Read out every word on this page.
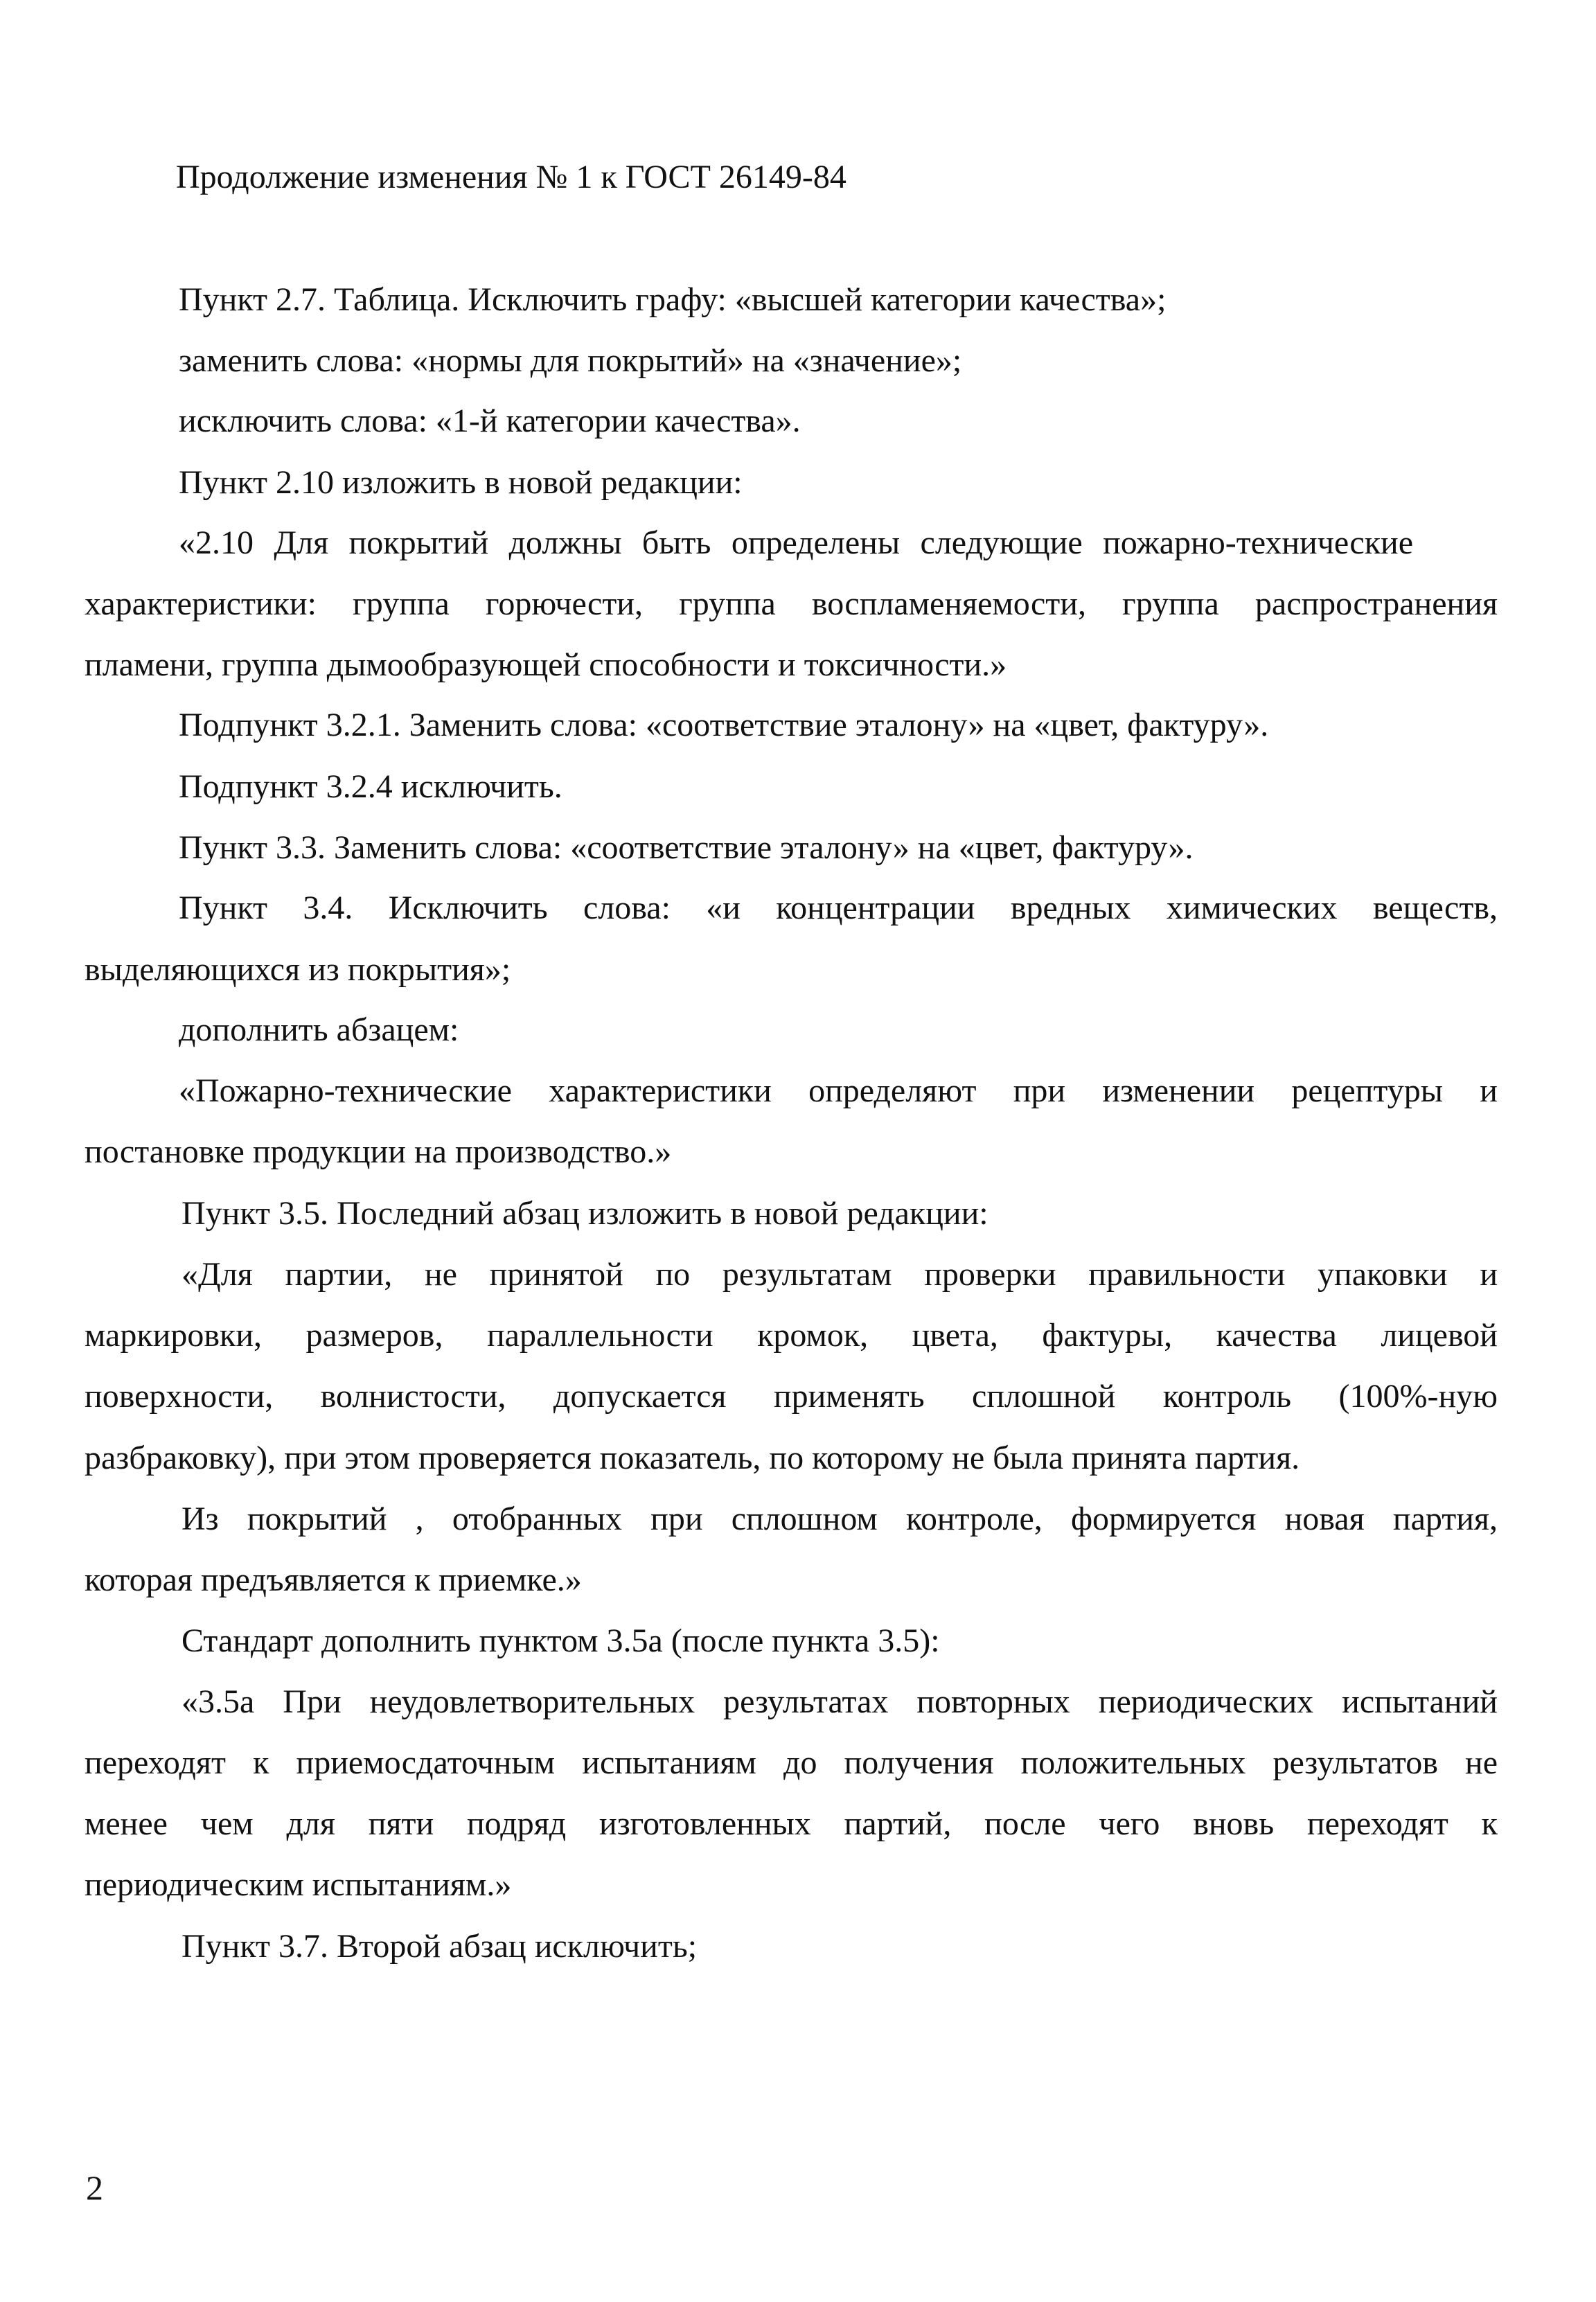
Продолжение изменения № 1 к ГОСТ 26149-84
Пункт 2.7. Таблица. Исключить графу: «высшей категории качества»;
заменить слова: «нормы для покрытий» на «значение»;
исключить слова: «1-й категории качества».
Пункт 2.10 изложить в новой редакции:
«2.10 Для покрытий должны быть определены следующие пожарно-технические
характеристики: группа горючести, группа воспламеняемости, группа распространения
пламени, группа дымообразующей способности и токсичности.»
Подпункт 3.2.1. Заменить слова: «соответствие эталону» на «цвет, фактуру».
Подпункт 3.2.4 исключить.
Пункт 3.3. Заменить слова: «соответствие эталону» на «цвет, фактуру».
Пункт 3.4. Исключить слова: «и концентрации вредных химических веществ,
выделяющихся из покрытия»;
дополнить абзацем:
«Пожарно-технические характеристики определяют при изменении рецептуры и
постановке продукции на производство.»
Пункт 3.5. Последний абзац изложить в новой редакции:
«Для партии, не принятой по результатам проверки правильности упаковки и
маркировки, размеров, параллельности кромок, цвета, фактуры, качества лицевой
поверхности, волнистости, допускается применять сплошной контроль (100%-ную
разбраковку), при этом проверяется показатель, по которому не была принята партия.
Из покрытий , отобранных при сплошном контроле, формируется новая партия,
которая предъявляется к приемке.»
Стандарт дополнить пунктом 3.5а (после пункта 3.5):
«3.5а При неудовлетворительных результатах повторных периодических испытаний
переходят к приемосдаточным испытаниям до получения положительных результатов не
менее чем для пяти подряд изготовленных партий, после чего вновь переходят к
периодическим испытаниям.»
Пункт 3.7. Второй абзац исключить;
2
